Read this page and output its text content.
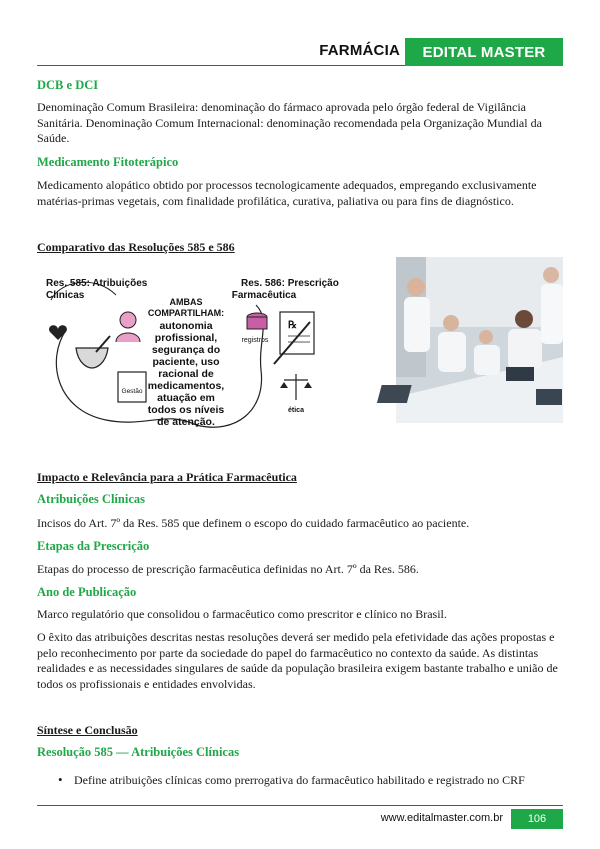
FARMÁCIA	EDITAL MASTER
DCB e DCI
Denominação Comum Brasileira: denominação do fármaco aprovada pelo órgão federal de Vigilância Sanitária. Denominação Comum Internacional: denominação recomendada pela Organização Mundial da Saúde.
Medicamento Fitoterápico
Medicamento alopático obtido por processos tecnologicamente adequados, empregando exclusivamente matérias-primas vegetais, com finalidade profilática, curativa, paliativa ou para fins de diagnóstico.
Comparativo das Resoluções 585 e 586
Res. 585: Atribuições
Clínicas
Res. 586: Prescrição
Farmacêutica
Gestão
AMBAS
COMPARTILHAM:
autonomia
profissional,
segurança do
paciente, uso
racional de
medicamentos,
atuação em
todos os níveis
de atenção.
registros
℞
ética
Impacto e Relevância para a Prática Farmacêutica
Atribuições Clínicas
Incisos do Art. 7º da Res. 585 que definem o escopo do cuidado farmacêutico ao paciente.
Etapas da Prescrição
Etapas do processo de prescrição farmacêutica definidas no Art. 7º da Res. 586.
Ano de Publicação
Marco regulatório que consolidou o farmacêutico como prescritor e clínico no Brasil.
O êxito das atribuições descritas nestas resoluções deverá ser medido pela efetividade das ações propostas e pelo reconhecimento por parte da sociedade do papel do farmacêutico no contexto da saúde. As distintas realidades e as necessidades singulares de saúde da população brasileira exigem bastante trabalho e união de todos os profissionais e entidades envolvidas.
Síntese e Conclusão
Resolução 585 — Atribuições Clínicas
• Define atribuições clínicas como prerrogativa do farmacêutico habilitado e registrado no CRF
www.editalmaster.com.br	106
